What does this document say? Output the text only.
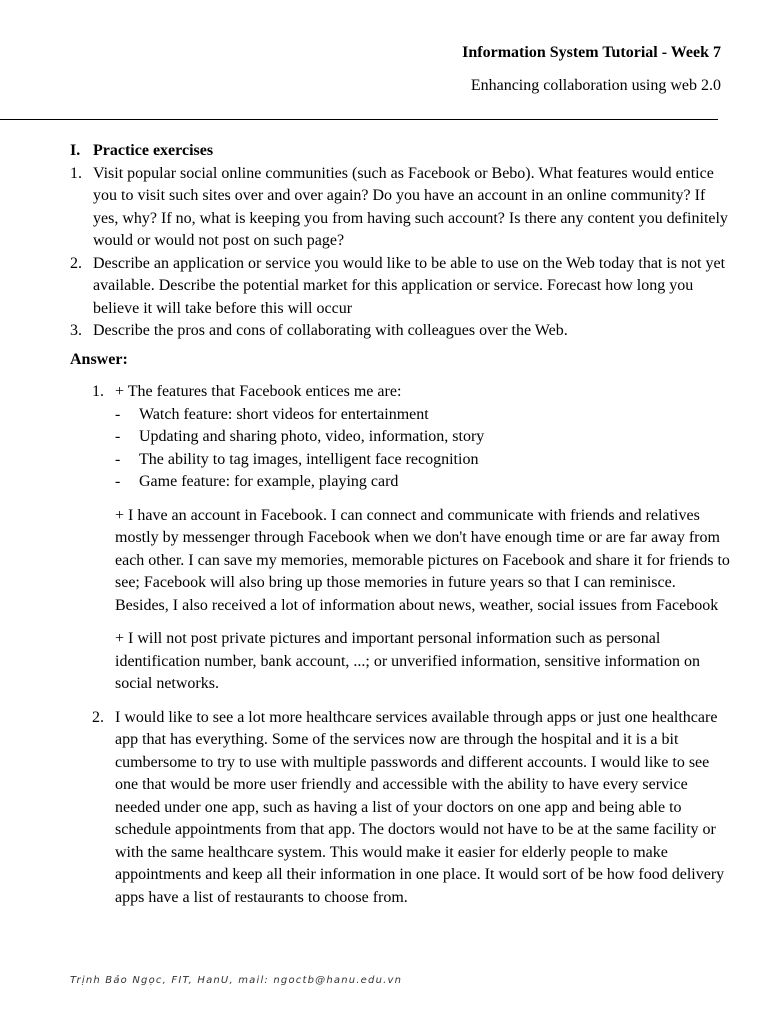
Information System Tutorial - Week 7
Enhancing collaboration using web 2.0
I. Practice exercises
1. Visit popular social online communities (such as Facebook or Bebo). What features would entice you to visit such sites over and over again? Do you have an account in an online community? If yes, why? If no, what is keeping you from having such account? Is there any content you definitely would or would not post on such page?
2. Describe an application or service you would like to be able to use on the Web today that is not yet available. Describe the potential market for this application or service. Forecast how long you believe it will take before this will occur
3. Describe the pros and cons of collaborating with colleagues over the Web.
Answer:
1. + The features that Facebook entices me are:
-	Watch feature: short videos for entertainment
-	Updating and sharing photo, video, information, story
-	The ability to tag images, intelligent face recognition
-	Game feature: for example, playing card
+ I have an account in Facebook. I can connect and communicate with friends and relatives mostly by messenger through Facebook when we don't have enough time or are far away from each other. I can save my memories, memorable pictures on Facebook and share it for friends to see; Facebook will also bring up those memories in future years so that I can reminisce. Besides, I also received a lot of information about news, weather, social issues from Facebook
+ I will not post private pictures and important personal information such as personal identification number, bank account, ...; or unverified information, sensitive information on social networks.
2. I would like to see a lot more healthcare services available through apps or just one healthcare app that has everything. Some of the services now are through the hospital and it is a bit cumbersome to try to use with multiple passwords and different accounts. I would like to see one that would be more user friendly and accessible with the ability to have every service needed under one app, such as having a list of your doctors on one app and being able to schedule appointments from that app. The doctors would not have to be at the same facility or with the same healthcare system. This would make it easier for elderly people to make appointments and keep all their information in one place. It would sort of be how food delivery apps have a list of restaurants to choose from.
Trịnh Bảo Ngọc, FIT, HanU, mail: ngoctb@hanu.edu.vn
